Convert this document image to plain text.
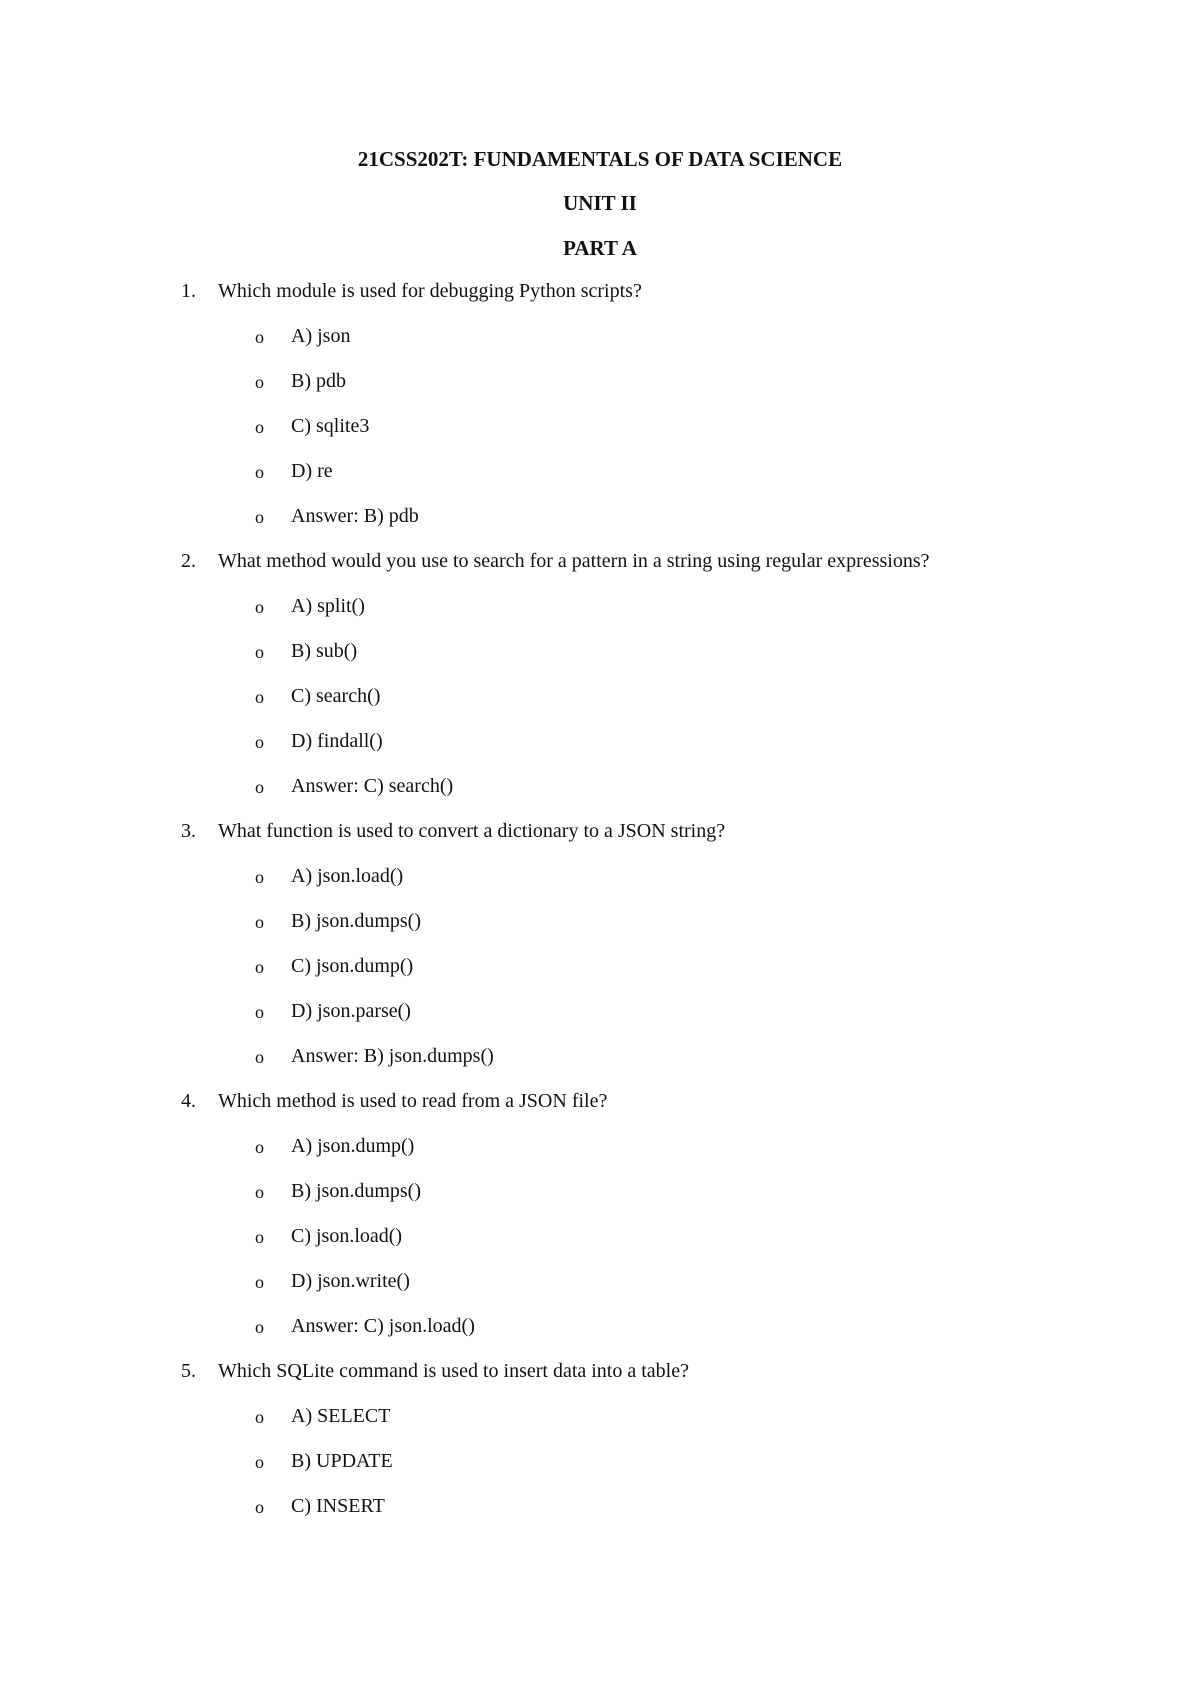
21CSS202T: FUNDAMENTALS OF DATA SCIENCE
UNIT II
PART A
1. Which module is used for debugging Python scripts?
o A) json
o B) pdb
o C) sqlite3
o D) re
o Answer: B) pdb
2. What method would you use to search for a pattern in a string using regular expressions?
o A) split()
o B) sub()
o C) search()
o D) findall()
o Answer: C) search()
3. What function is used to convert a dictionary to a JSON string?
o A) json.load()
o B) json.dumps()
o C) json.dump()
o D) json.parse()
o Answer: B) json.dumps()
4. Which method is used to read from a JSON file?
o A) json.dump()
o B) json.dumps()
o C) json.load()
o D) json.write()
o Answer: C) json.load()
5. Which SQLite command is used to insert data into a table?
o A) SELECT
o B) UPDATE
o C) INSERT
